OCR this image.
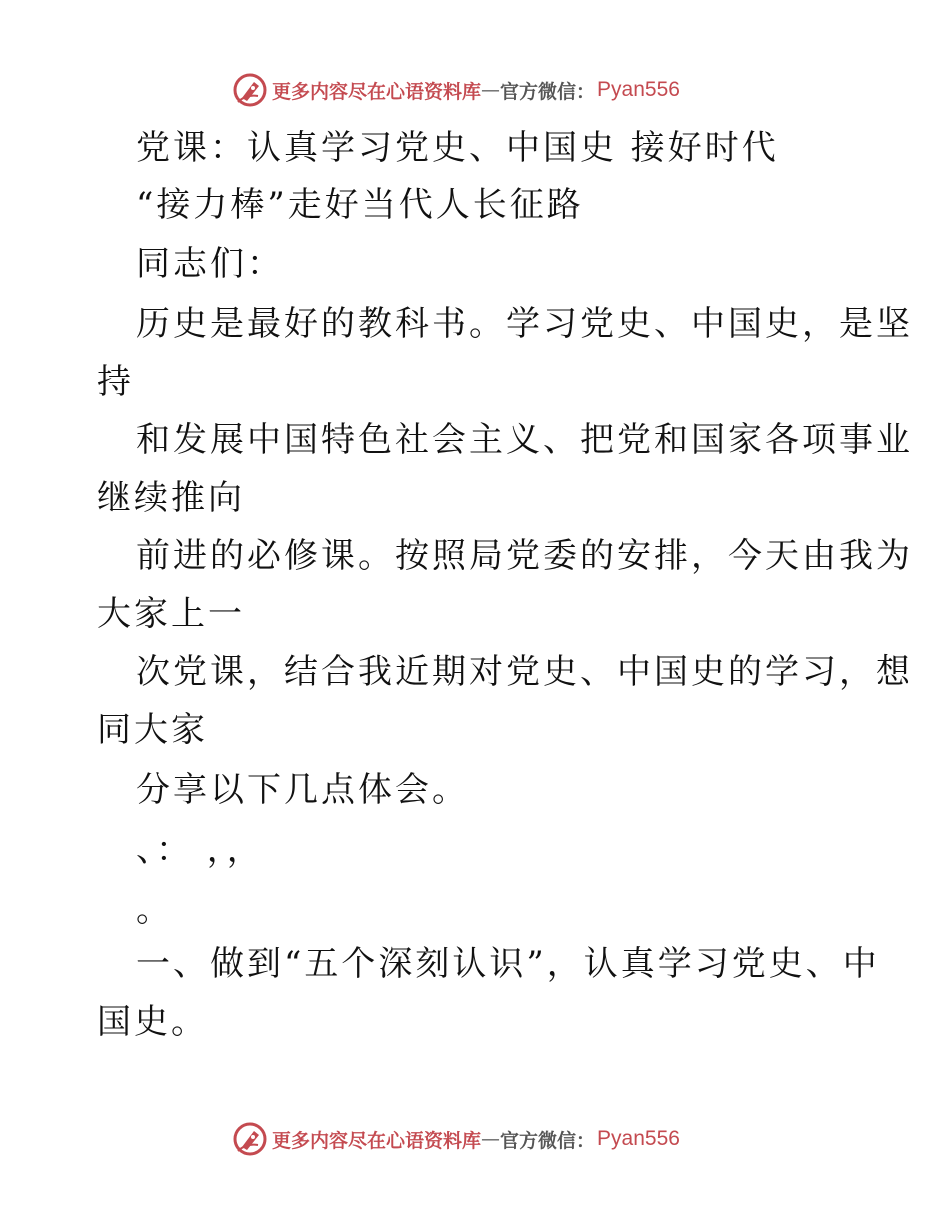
更多内容尽在心语资料库 — 官方微信： Pyan556
党课：认真学习党史、中国史 接好时代
“接力棒”走好当代人长征路
同志们：
历史是最好的教科书。学习党史、中国史，是坚
持
和发展中国特色社会主义、把党和国家各项事业
继续推向
前进的必修课。按照局党委的安排，今天由我为
大家上一
次党课，结合我近期对党史、中国史的学习，想
同大家
分享以下几点体会。
、： ，，
。
一、做到“五个深刻认识”，认真学习党史、中
国史。
更多内容尽在心语资料库 — 官方微信： Pyan556
